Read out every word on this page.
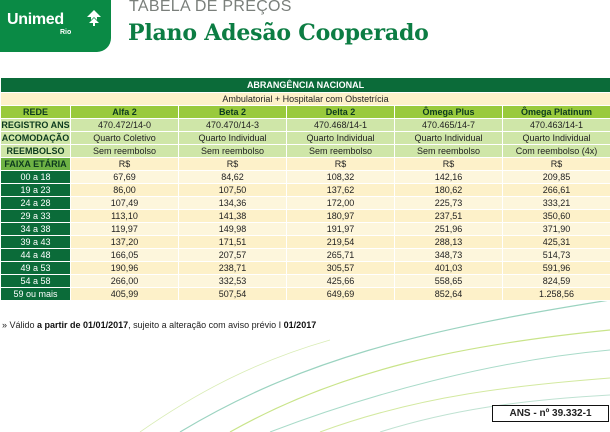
Unimed
Rio
TABELA DE PREÇOS
Plano Adesão Cooperado
ABRANGÊNCIA NACIONAL					
Ambulatorial + Hospitalar com Obstetrícia					
REDE	Alfa 2	Beta 2	Delta 2	Ômega Plus	Ômega Platinum
REGISTRO ANS	470.472/14-0	470.470/14-3	470.468/14-1	470.465/14-7	470.463/14-1
ACOMODAÇÃO	Quarto Coletivo	Quarto Individual	Quarto Individual	Quarto Individual	Quarto Individual
REEMBOLSO	Sem reembolso	Sem reembolso	Sem reembolso	Sem reembolso	Com reembolso (4x)
FAIXA ETÁRIA	R$	R$	R$	R$	R$
00 a 18	67,69	84,62	108,32	142,16	209,85
19 a 23	86,00	107,50	137,62	180,62	266,61
24 a 28	107,49	134,36	172,00	225,73	333,21
29 a 33	113,10	141,38	180,97	237,51	350,60
34 a 38	119,97	149,98	191,97	251,96	371,90
39 a 43	137,20	171,51	219,54	288,13	425,31
44 a 48	166,05	207,57	265,71	348,73	514,73
49 a 53	190,96	238,71	305,57	401,03	591,96
54 a 58	266,00	332,53	425,66	558,65	824,59
59 ou mais	405,99	507,54	649,69	852,64	1.258,56
» Válido a partir de 01/01/2017, sujeito a alteração com aviso prévio I 01/2017
ANS - nº 39.332-1
